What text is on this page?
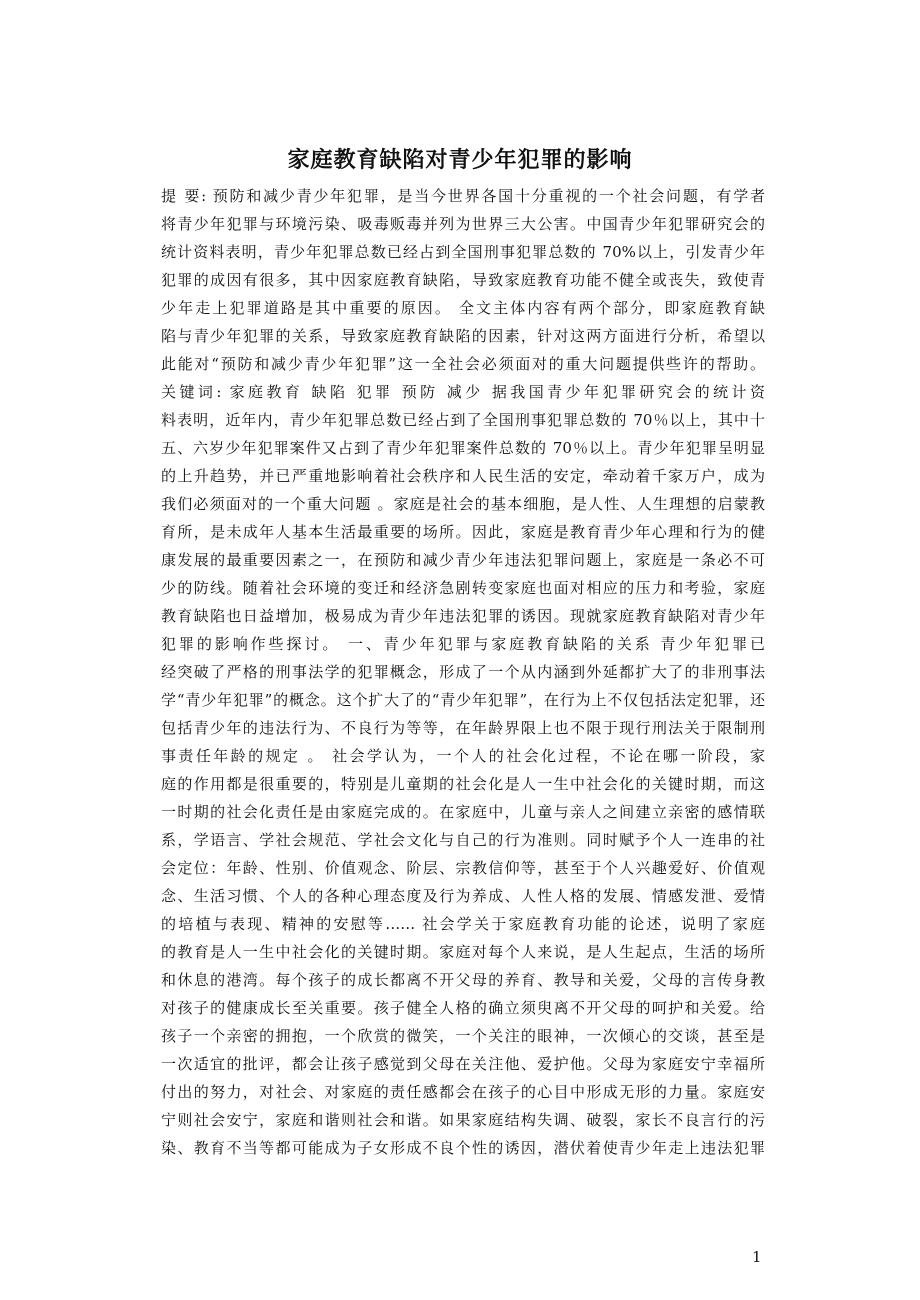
家庭教育缺陷对青少年犯罪的影响
提 要: 预防和减少青少年犯罪，是当今世界各国十分重视的一个社会问题，有学者
将青少年犯罪与环境污染、吸毒贩毒并列为世界三大公害。中国青少年犯罪研究会的
统计资料表明，青少年犯罪总数已经占到全国刑事犯罪总数的 70%以上，引发青少年
犯罪的成因有很多，其中因家庭教育缺陷，导致家庭教育功能不健全或丧失，致使青
少年走上犯罪道路是其中重要的原因。 全文主体内容有两个部分，即家庭教育缺
陷与青少年犯罪的关系，导致家庭教育缺陷的因素，针对这两方面进行分析，希望以
此能对“预防和减少青少年犯罪”这一全社会必须面对的重大问题提供些许的帮助。
关键词: 家庭教育 缺陷 犯罪 预防 减少 据我国青少年犯罪研究会的统计资
料表明，近年内，青少年犯罪总数已经占到了全国刑事犯罪总数的 70％以上，其中十
五、六岁少年犯罪案件又占到了青少年犯罪案件总数的 70％以上。青少年犯罪呈明显
的上升趋势，并已严重地影响着社会秩序和人民生活的安定，牵动着千家万户，成为
我们必须面对的一个重大问题 。家庭是社会的基本细胞，是人性、人生理想的启蒙教
育所，是未成年人基本生活最重要的场所。因此，家庭是教育青少年心理和行为的健
康发展的最重要因素之一，在预防和减少青少年违法犯罪问题上，家庭是一条必不可
少的防线。随着社会环境的变迁和经济急剧转变家庭也面对相应的压力和考验，家庭
教育缺陷也日益增加，极易成为青少年违法犯罪的诱因。现就家庭教育缺陷对青少年
犯罪的影响作些探讨。 一、青少年犯罪与家庭教育缺陷的关系 青少年犯罪已
经突破了严格的刑事法学的犯罪概念，形成了一个从内涵到外延都扩大了的非刑事法
学“青少年犯罪”的概念。这个扩大了的“青少年犯罪”，在行为上不仅包括法定犯罪，还
包括青少年的违法行为、不良行为等等，在年龄界限上也不限于现行刑法关于限制刑
事责任年龄的规定 。 社会学认为，一个人的社会化过程，不论在哪一阶段，家
庭的作用都是很重要的，特别是儿童期的社会化是人一生中社会化的关键时期，而这
一时期的社会化责任是由家庭完成的。在家庭中，儿童与亲人之间建立亲密的感情联
系，学语言、学社会规范、学社会文化与自己的行为准则。同时赋予个人一连串的社
会定位：年龄、性别、价值观念、阶层、宗教信仰等，甚至于个人兴趣爱好、价值观
念、生活习惯、个人的各种心理态度及行为养成、人性人格的发展、情感发泄、爱情
的培植与表现、精神的安慰等…… 社会学关于家庭教育功能的论述，说明了家庭
的教育是人一生中社会化的关键时期。家庭对每个人来说，是人生起点，生活的场所
和休息的港湾。每个孩子的成长都离不开父母的养育、教导和关爱，父母的言传身教
对孩子的健康成长至关重要。孩子健全人格的确立须臾离不开父母的呵护和关爱。给
孩子一个亲密的拥抱，一个欣赏的微笑，一个关注的眼神，一次倾心的交谈，甚至是
一次适宜的批评，都会让孩子感觉到父母在关注他、爱护他。父母为家庭安宁幸福所
付出的努力，对社会、对家庭的责任感都会在孩子的心目中形成无形的力量。家庭安
宁则社会安宁，家庭和谐则社会和谐。如果家庭结构失调、破裂，家长不良言行的污
染、教育不当等都可能成为子女形成不良个性的诱因，潜伏着使青少年走上违法犯罪
1
